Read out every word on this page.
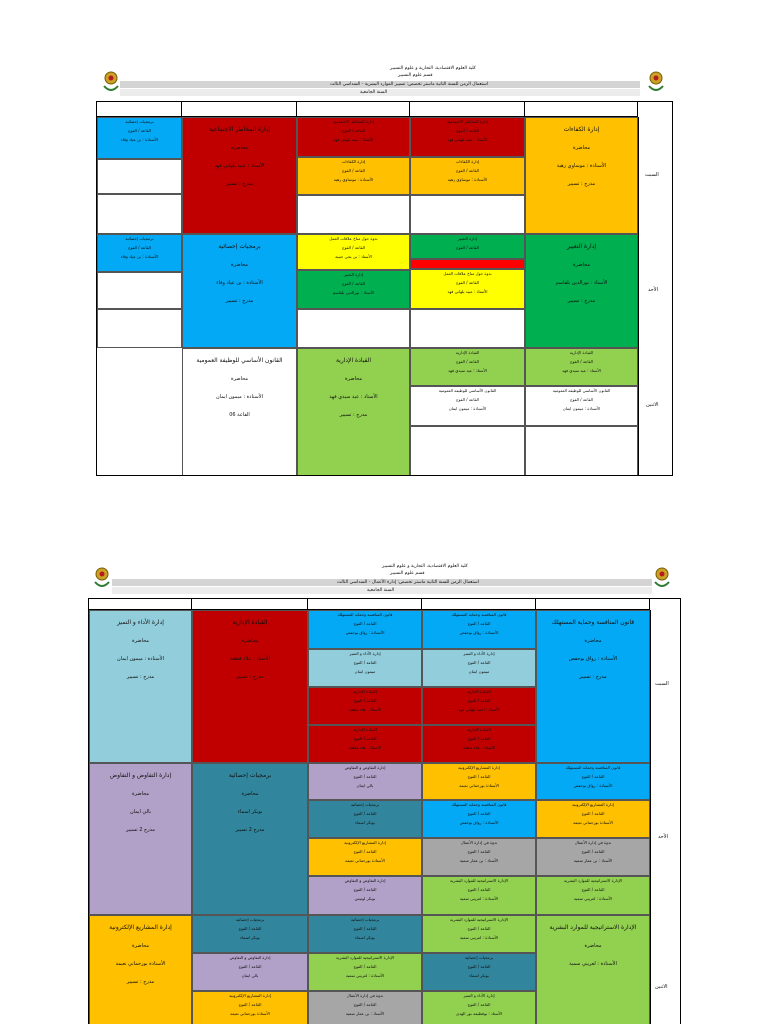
كلية العلوم الاقتصادية، التجارية و علوم التسيير
قسم علوم التسيير
استعمال الزمن للسنة الثانية ماستر تخصص: تسيير الموارد البشرية - السداسي الثالث
السنة الجامعية
السبت
الأحد
الاثنين
برمجيات إحصائية
القاعة / الفوج
الأستاذة : بن عياد وفاء
إدارة المخاطر الاجتماعية
محاضرة
الأستاذ : عبيد بلهاني فهد
مدرج : تسيير
إدارة المخاطر الاجتماعية
القاعة / الفوج
الأستاذ : عبيد بلهاني فهد
إدارة الكفاءات
القاعة / الفوج
الأستاذة : موساوي زهية
إدارة المخاطر الاجتماعية
القاعة / الفوج
الأستاذ : عبيد بلهاني فهد
إدارة الكفاءات
القاعة / الفوج
الأستاذة : موساوي زهية
إدارة الكفاءات
محاضرة
الأستاذة : موساوي زهية
مدرج : تسيير
برمجيات إحصائية
القاعة / الفوج
الأستاذة : بن عياد وفاء
برمجيات إحصائية
محاضرة
الأستاذة : بن عياد وفاء
مدرج : تسيير
ندوة حول مناخ علاقات العمل
القاعة / الفوج
الأستاذ : بن يحي حبيبة
إدارة التغيير
القاعة / الفوج
الأستاذ : نورالدين بلقاسم
إدارة التغيير
القاعة / الفوج
ندوة حول مناخ علاقات العمل
القاعة / الفوج
الأستاذ : عبيد بلهاني فهد
إدارة التغيير
محاضرة
الأستاذ : نورالدين بلقاسم
مدرج : تسيير
القانون الأساسي للوظيفة العمومية
محاضرة
الأستاذة : ميمون ايمان
القاعة 06
القيادة الإدارية
محاضرة
الأستاذ : عيد سيدي فهد
مدرج : تسيير
القيادة الإدارية
القاعة / الفوج
الأستاذ : عيد سيدي فهد
القانون الأساسي للوظيفة العمومية
القاعة / الفوج
الأستاذة : ميمون ايمان
القيادة الإدارية
القاعة / الفوج
الأستاذ : عيد سيدي فهد
القانون الأساسي للوظيفة العمومية
القاعة / الفوج
الأستاذة : ميمون ايمان
كلية العلوم الاقتصادية، التجارية و علوم التسيير
قسم علوم التسيير
استعمال الزمن للسنة الثانية ماستر تخصص: إدارة الأعمال - السداسي الثالث
السنة الجامعية
السبت
الأحد
الاثنين
إدارة الأداء و التميز
محاضرة
الأستاذة : ميمون ايمان
مدرج : تسيير
القيادة الإدارية
محاضرة
الأستاذ : علاء قطعة
مدرج : تسيير
قانون المنافسة وحماية المستهلك
القاعة / الفوج
الأستاذة : رواق بوحفص
إدارة الأداء و التميز
القاعة / الفوج
ميمون ايمان
القيادة الإدارية
القاعة / الفوج
الأستاذ : علاء قطعة
القيادة الإدارية
القاعة / الفوج
الأستاذ : علاء قطعة
قانون المنافسة وحماية المستهلك
القاعة / الفوج
الأستاذة : رواق بوحفص
إدارة الأداء و التميز
القاعة / الفوج
ميمون ايمان
القيادة الإدارية
القاعة / الفوج
الأستاذ : احمد بلهاني فهد
القيادة الإدارية
القاعة / الفوج
الأستاذ : علاء قطعة
قانون المنافسة وحماية المستهلك
محاضرة
الأستاذة : رواق بوحفص
مدرج : تسيير
إدارة التفاوض و التفاوض
محاضرة
بالي ايمان
مدرج 2 تسيير
برمجيات إحصائية
محاضرة
بوبكر اسماء
مدرج 2 تسيير
إدارة التفاوض و التفاوض
القاعة / الفوج
بالي ايمان
برمجيات إحصائية
القاعة / الفوج
بوبكر اسماء
إدارة المشاريع الإلكترونية
القاعة / الفوج
الأستاذة بورحماني نعيمة
إدارة التفاوض و التفاوض
القاعة / الفوج
بوبكر لونيس
إدارة المشاريع الإلكترونية
القاعة / الفوج
الأستاذة بورحماني نعيمة
قانون المنافسة وحماية المستهلك
القاعة / الفوج
الأستاذة : رواق بوحفص
ندوة في إدارة الأعمال
القاعة / الفوج
الأستاذ : بن عمار سمية
الإدارة الاستراتيجية للموارد البشرية
القاعة / الفوج
الأستاذة : لعريبي سمية
قانون المنافسة وحماية المستهلك
القاعة / الفوج
الأستاذة : رواق بوحفص
إدارة المشاريع الإلكترونية
القاعة / الفوج
الأستاذة بورحماني نعيمة
ندوة في إدارة الأعمال
القاعة / الفوج
الأستاذ : بن عمار سمية
الإدارة الاستراتيجية للموارد البشرية
القاعة / الفوج
الأستاذة : لعريبي سمية
إدارة المشاريع الإلكترونية
محاضرة
الأستاذة بورحماني نعيمة
مدرج : تسيير
برمجيات إحصائية
القاعة / الفوج
بوبكر اسماء
إدارة التفاوض و التفاوض
القاعة / الفوج
بالي ايمان
إدارة المشاريع الإلكترونية
القاعة / الفوج
الأستاذة بورحماني نعيمة
برمجيات إحصائية
القاعة / الفوج
بوبكر اسماء
الإدارة الاستراتيجية للموارد البشرية
القاعة / الفوج
الأستاذة : لعريبي سمية
ندوة في إدارة الأعمال
القاعة / الفوج
الأستاذ : بن عمار سمية
الإدارة الاستراتيجية للموارد البشرية
القاعة / الفوج
الأستاذة : لعريبي سمية
برمجيات إحصائية
القاعة / الفوج
بوبكر اسماء
إدارة الأداء و التميز
القاعة / الفوج
الأستاذ : بوفطيمة نور الهدى
الإدارة الاستراتيجية للموارد البشرية
محاضرة
الأستاذة : لعريبي سمية
